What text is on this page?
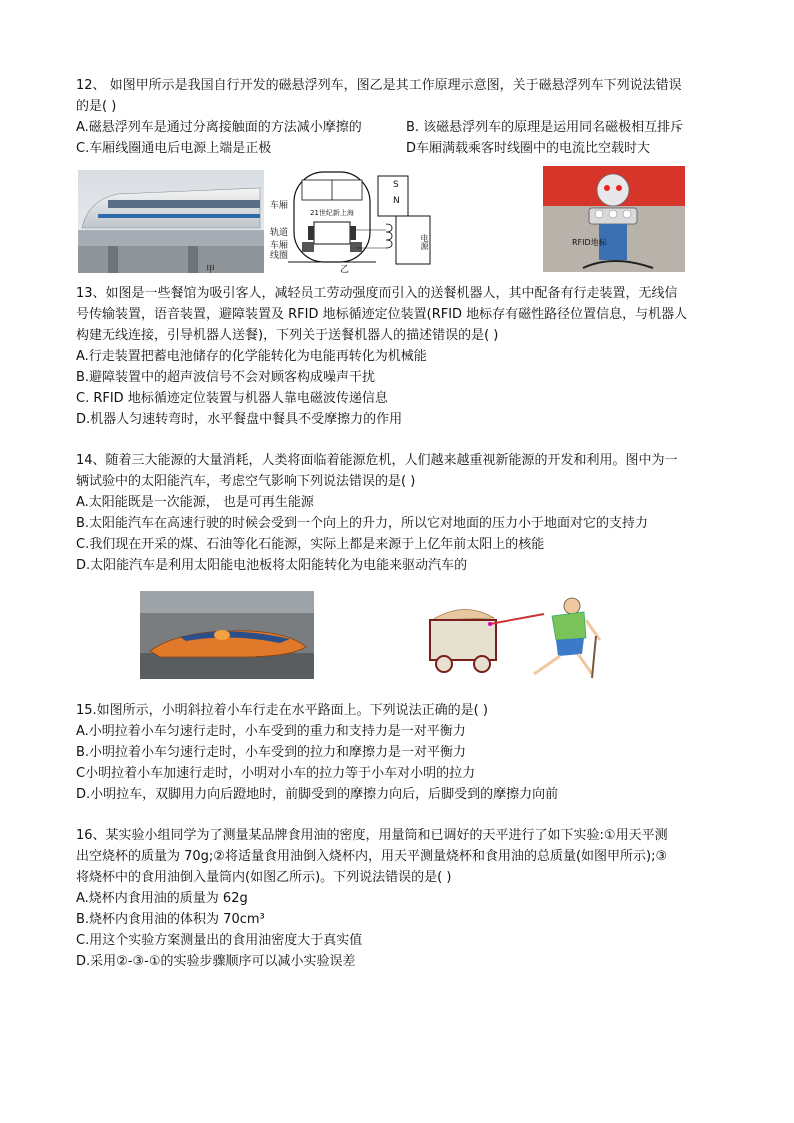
12、 如图甲所示是我国自行开发的磁悬浮列车，图乙是其工作原理示意图，关于磁悬浮列车下列说法错误

的是( )

A.磁悬浮列车是通过分离接触面的方法减小摩擦的	B. 该磁悬浮列车的原理是运用同名磁极相互排斥
C.车厢线圈通电后电源上端是正极	D车厢满载乘客时线圈中的电流比空载时大
甲
车厢
21世纪新上海
轨道
车厢
线圈
S
N
电源
乙
RFID地标

13、如图是一些餐馆为吸引客人，减轻员工劳动强度而引入的送餐机器人，其中配备有行走装置，无线信

号传输装置，语音装置，避障装置及 RFID 地标循迹定位装置(RFID 地标存有磁性路径位置信息，与机器人

构建无线连接，引导机器人送餐)，下列关于送餐机器人的描述错误的是( )

A.行走装置把蓄电池储存的化学能转化为电能再转化为机械能

B.避障装置中的超声波信号不会对顾客构成噪声干扰

C. RFID 地标循迹定位装置与机器人靠电磁波传递信息

D.机器人匀速转弯时，水平餐盘中餐具不受摩擦力的作用

14、随着三大能源的大量消耗，人类将面临着能源危机，人们越来越重视新能源的开发和利用。图中为一

辆试验中的太阳能汽车，考虑空气影响下列说法错误的是( )

A.太阳能既是一次能源， 也是可再生能源

B.太阳能汽车在高速行驶的时候会受到一个向上的升力，所以它对地面的压力小于地面对它的支持力

C.我们现在开采的煤、石油等化石能源，实际上都是来源于上亿年前太阳上的核能

D.太阳能汽车是利用太阳能电池板将太阳能转化为电能来驱动汽车的

15.如图所示，小明斜拉着小车行走在水平路面上。下列说法正确的是( )

A.小明拉着小车匀速行走时，小车受到的重力和支持力是一对平衡力

B.小明拉着小车匀速行走时，小车受到的拉力和摩擦力是一对平衡力

C小明拉着小车加速行走时，小明对小车的拉力等于小车对小明的拉力

D.小明拉车，双脚用力向后蹬地时，前脚受到的摩擦力向后，后脚受到的摩擦力向前

16、某实验小组同学为了测量某品牌食用油的密度，用量筒和已调好的天平进行了如下实验:①用天平测

出空烧杯的质量为 70g;②将适量食用油倒入烧杯内，用天平测量烧杯和食用油的总质量(如图甲所示);③

将烧杯中的食用油倒入量筒内(如图乙所示)。下列说法错误的是( )

A.烧杯内食用油的质量为 62g

B.烧杯内食用油的体积为 70cm³

C.用这个实验方案测量出的食用油密度大于真实值

D.采用②-③-①的实验步骤顺序可以减小实验误差
